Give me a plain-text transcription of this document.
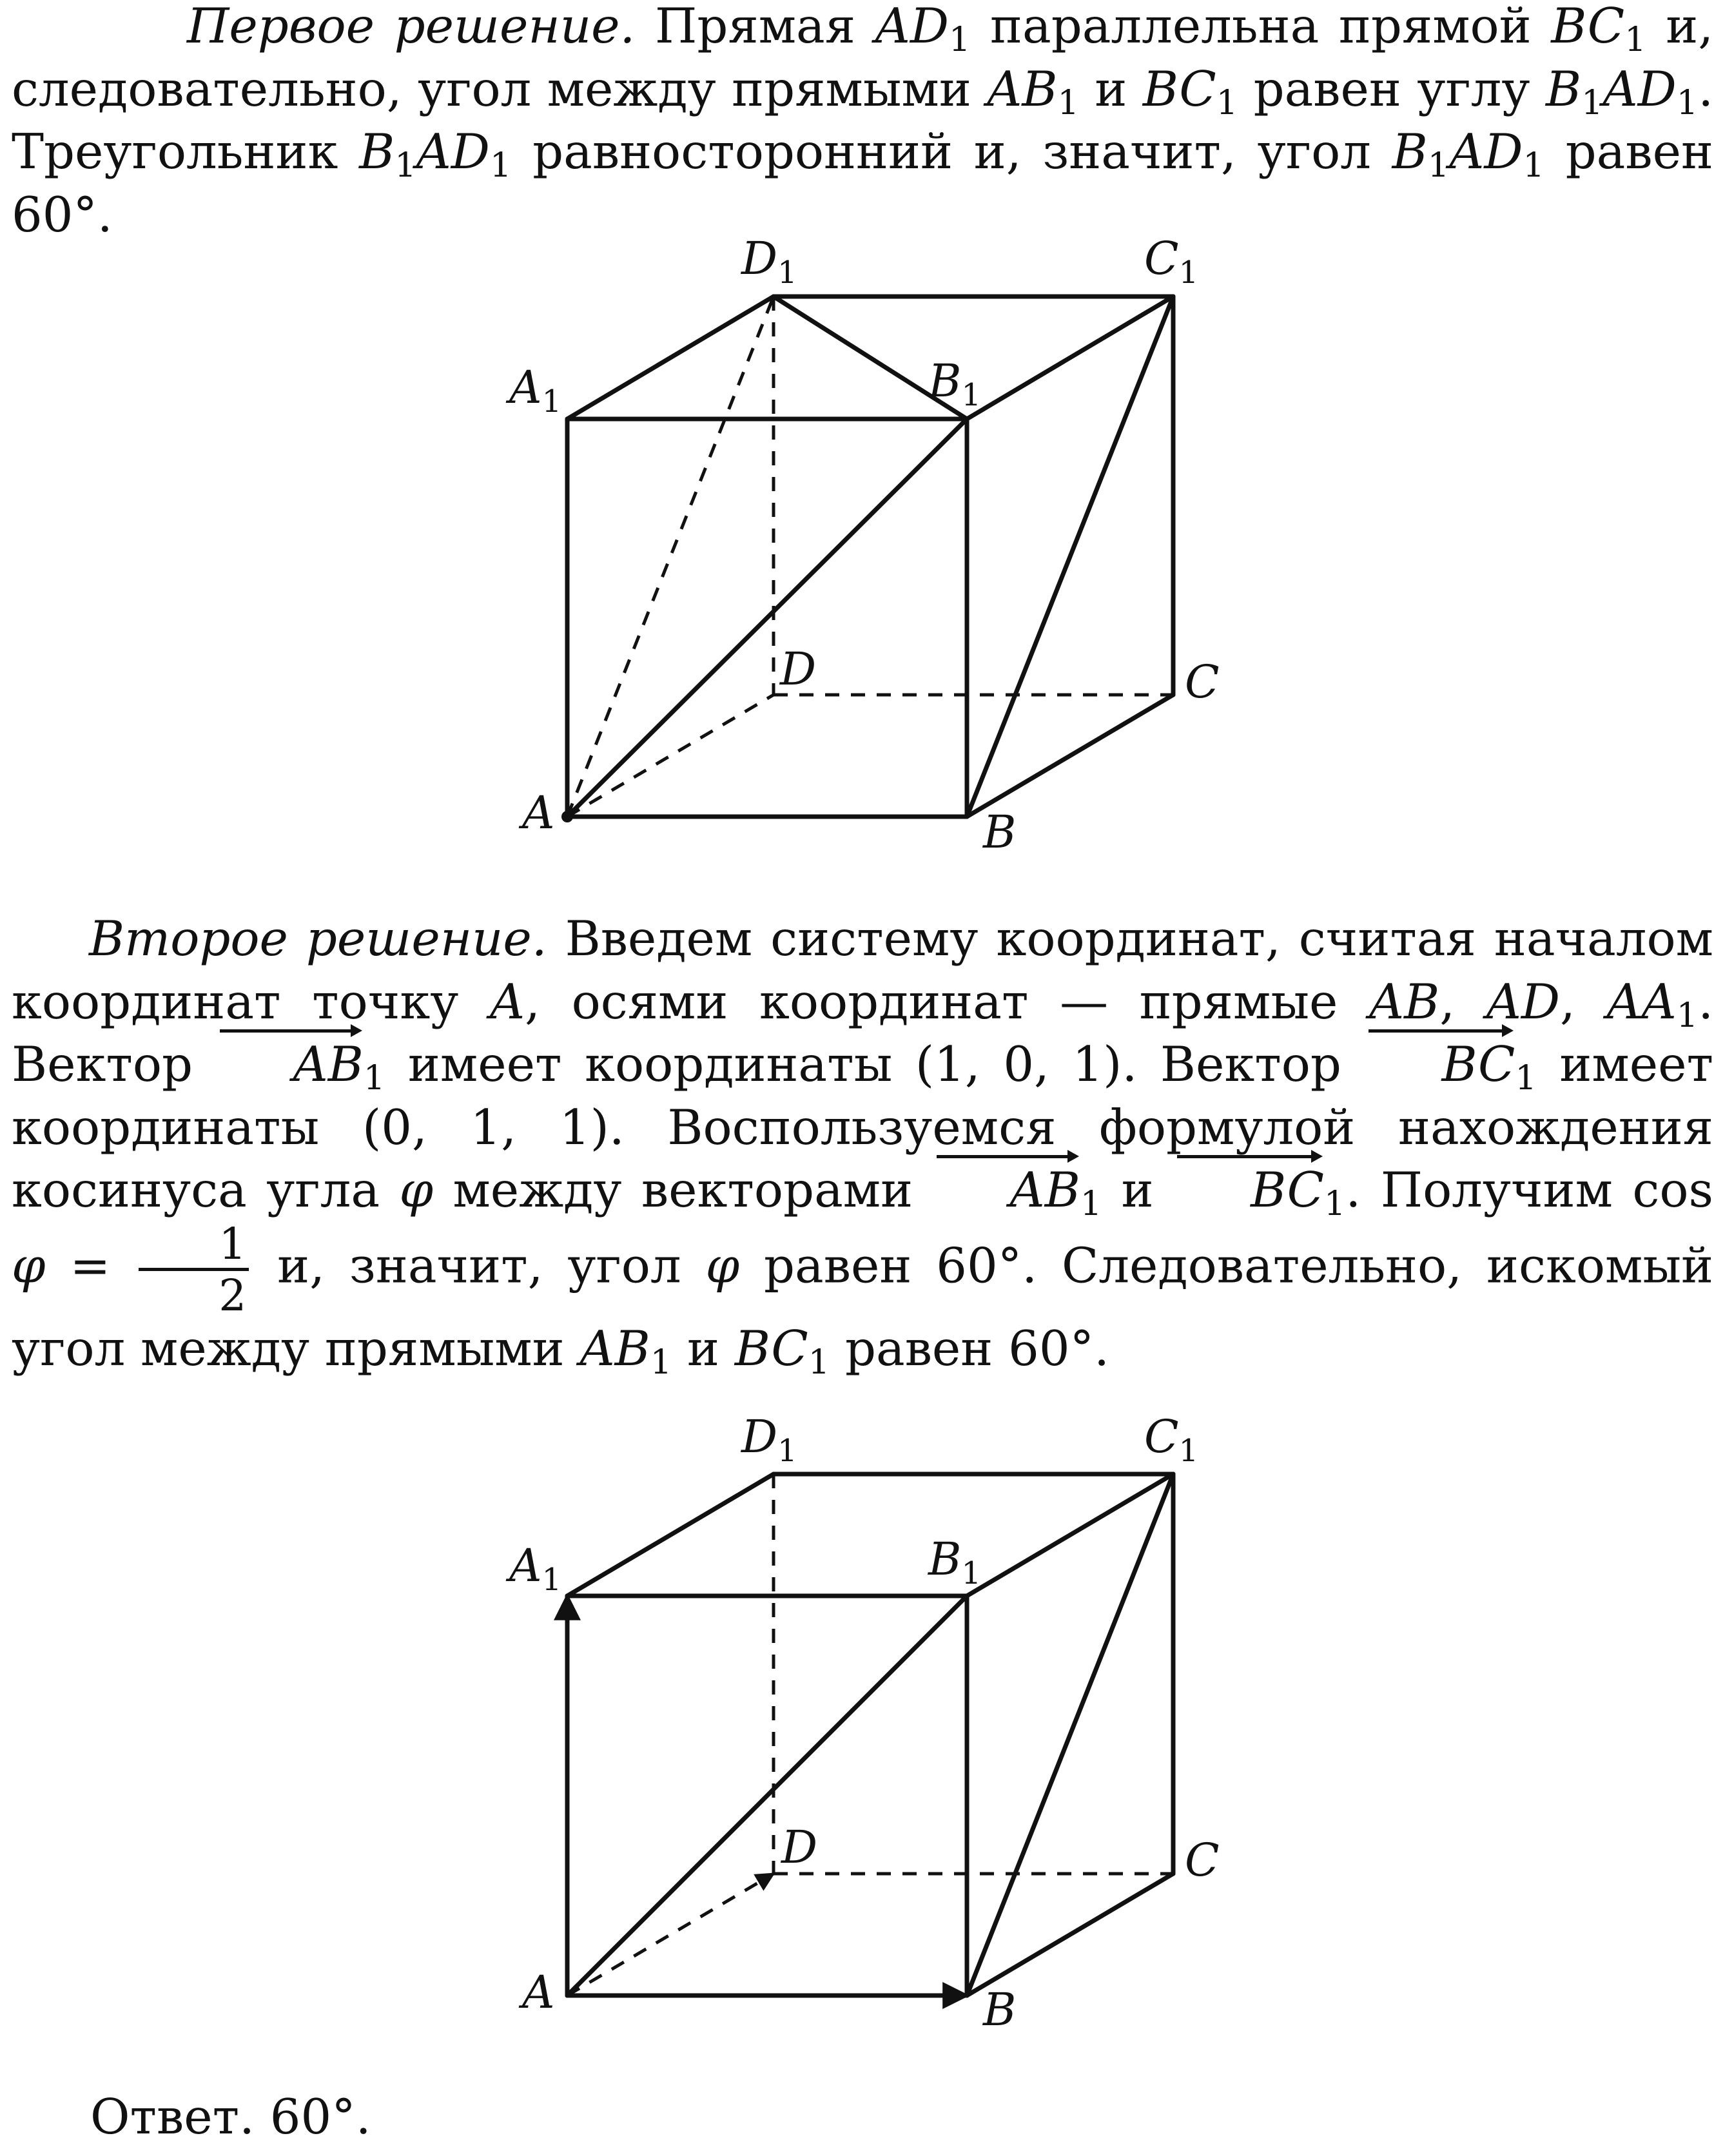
Первое решение. Прямая $AD_1$ параллельна прямой $BC_1$ и, следовательно, угол между прямыми $AB_1$ и $BC_1$ равен углу $B_1AD_1$. Треугольник $B_1AD_1$ равносторонний и, значит, угол $B_1AD_1$ равен 60°.

$D_1$	$C_1$
$A_1$	$B_1$
D	C
A	B

Второе решение. Введем систему координат, считая началом координат точку A, осями координат — прямые AB, AD, $AA_1$. Вектор $AB_1$ имеет координаты (1, 0, 1). Вектор $BC_1$ имеет координаты (0, 1, 1). Воспользуемся формулой нахождения косинуса угла φ между векторами $AB_1$ и $BC_1$. Получим $\cos \varphi = \frac{1}{2} и$, значит, угол φ равен 60°. Следовательно, искомый угол между прямыми $AB_1$ и $BC_1$ равен 60°.

$D_1$	$C_1$
$A_1$	$B_1$
D	C
A	B

Ответ. 60°.
